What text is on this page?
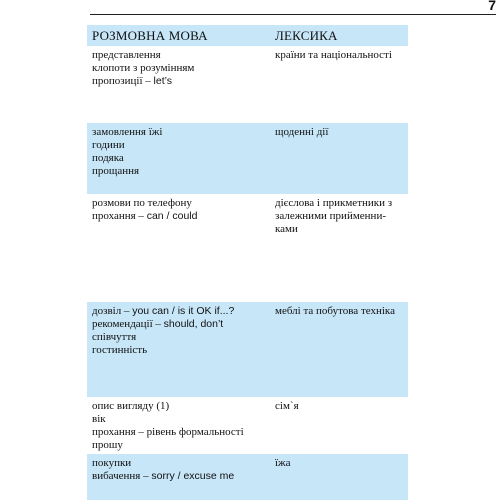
7
РОЗМОВНА МОВА	ЛЕКСИКА
представлення
клопоти з розумінням
пропозиції – let’s
країни та національності
замовлення їжі
години
подяка
прощання
щоденні дії
розмови по телефону
прохання – can / could
дієслова і прикметники з залежними прийменни-ками
дозвіл – you can / is it OK if...?
рекомендації – should, don’t
співчуття
гостинність
меблі та побутова техніка
опис вигляду (1)
вік
прохання – рівень формальності
прошу
сім`я
покупки
вибачення – sorry / excuse me
їжа
